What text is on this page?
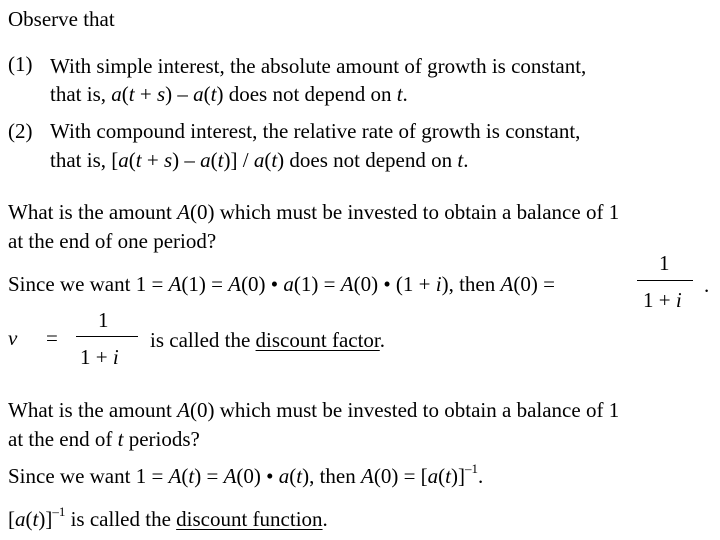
Observe that
(1) With simple interest, the absolute amount of growth is constant,
that is, a(t + s) – a(t) does not depend on t.
(2) With compound interest, the relative rate of growth is constant,
that is, [a(t + s) – a(t)] / a(t) does not depend on t.
What is the amount A(0) which must be invested to obtain a balance of 1
at the end of one period?
Since we want 1 = A(1) = A(0) • a(1) = A(0) • (1 + i), then A(0) =
1
1 + i
.
v =
1
1 + i
is called the discount factor.
What is the amount A(0) which must be invested to obtain a balance of 1
at the end of t periods?
Since we want 1 = A(t) = A(0) • a(t), then $A(0) = [a(t)]^{-1}$.
$[a(t)]^{-1}$ is called the discount function.
